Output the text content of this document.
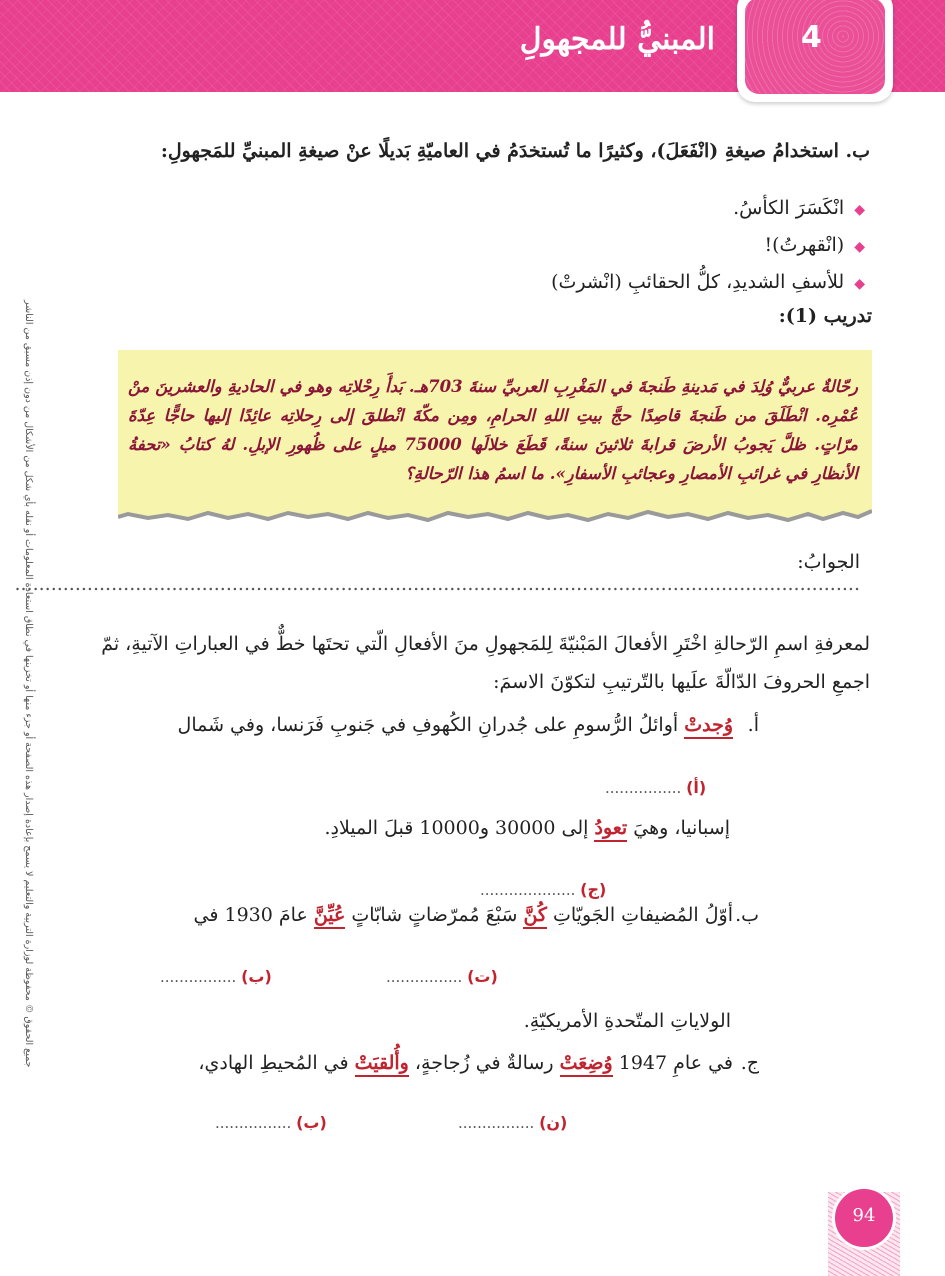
المبنيُّ للمجهولِ	4
جميع الحقوق © محفوظة لوزارة التربية والتعليم لا يسمح بإعادة إصدار هذه الصفحة أو جزء منها أو تخزينها في نطاق استعادة المعلومات أو نقله بأي شكل من الأشكال من دون إذن مسبق من الناشر
ب. استخدامُ صيغةِ (انْفَعَلَ)، وكثيرًا ما تُستخدَمُ في العاميّةِ بَديلًا عنْ صيغةِ المبنيِّ للمَجهولِ:
◆انْكَسَرَ الكأسُ.
◆(انْقهرتُ)!
◆للأسفِ الشديدِ، كلُّ الحقائبِ (انْشرتْ)
تدريب (1):
رحّالةٌ عربيٌّ وُلِدَ في مَدينةِ طَنجةَ في المَغْرِبِ العربيِّ سنةَ 703هـ. بَدأَ رِحْلاتِه وهو في الحاديةِ والعشرينَ منْ عُمْرِه. انْطَلَقَ من طَنجةَ قاصِدًا حجَّ بيتِ اللهِ الحرامِ، ومِن مكّةَ انْطلقَ إلى رِحلاتِه عائِدًا إليها حاجًّا عِدّةَ مرّاتٍ. ظلَّ يَجوبُ الأرضَ قرابةَ ثلاثينَ سنةً، قَطَعَ خلالَها 75000 ميلٍ على ظُهورِ الإبلِ. لهُ كتابُ «تحفةُ الأنظارِ في غرائبِ الأمصارِ وعجائبِ الأسفارِ». ما اسمُ هذا الرّحالةِ؟
الجوابُ: ............................................................................................................................................
لمعرفةِ اسمِ الرّحالةِ اخْتَرِ الأفعالَ المَبْنيّةَ لِلمَجهولِ منَ الأفعالِ الّتي تحتَها خطٌّ في العباراتِ الآتيةِ، ثمّ اجمعِ الحروفَ الدّالّةَ علَيها بالتّرتيبِ لتكوّنَ الاسمَ:
أ.
وُجدتْ أوائلُ الرُّسومِ على جُدرانِ الكُهوفِ في جَنوبِ فَرَنسا، وفي شَمال
(أ) ................
إسبانيا، وهيَ تعودُ إلى 30000 و10000 قبلَ الميلادِ.
(ج) ....................
ب.
أوّلُ المُضيفاتِ الجَويّاتِ كُنَّ سَبْعَ مُمرّضاتٍ شابّاتٍ عُيِّنَّ عامَ 1930 في
(ت) ................
(ب) ................
الولاياتِ المتّحدةِ الأمريكيّةِ.
ج.
في عامِ 1947 وُضِعَتْ رسالةٌ في زُجاجةٍ، وأُلقيَتْ في المُحيطِ الهادي،
(ن) ................
(ب) ................
94
